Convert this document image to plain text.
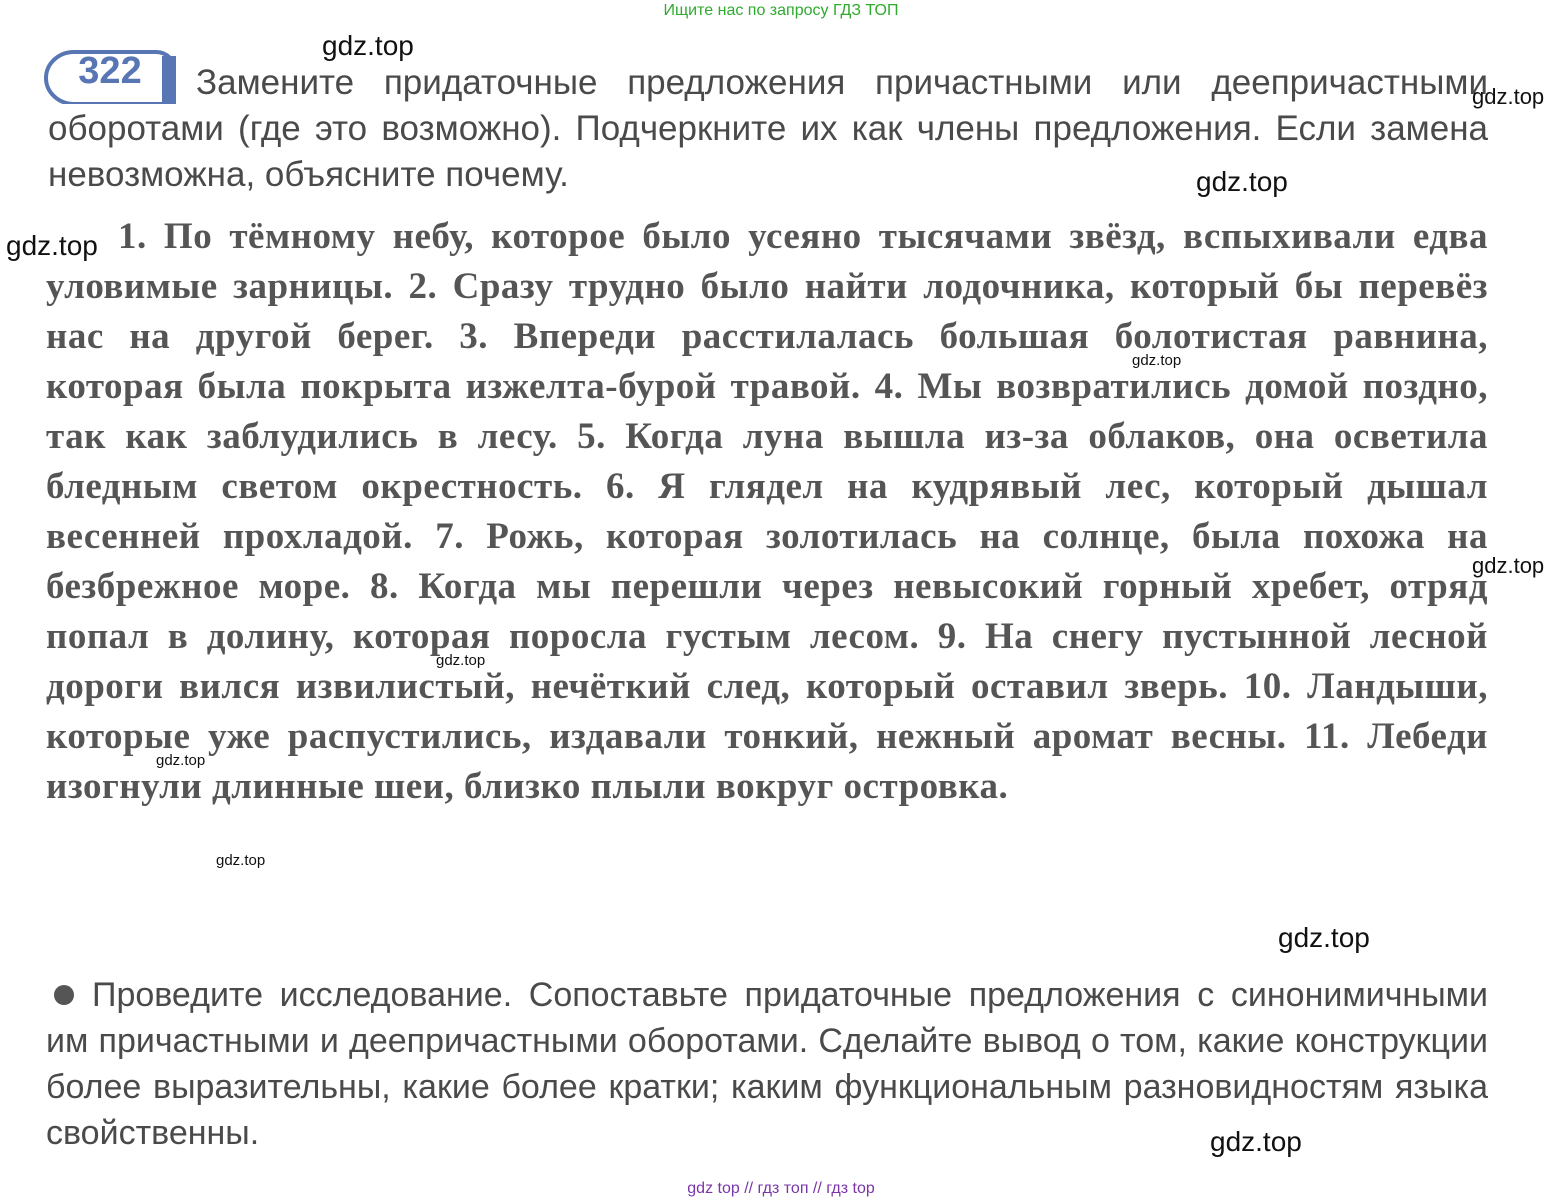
Ищите нас по запросу ГДЗ ТОП
322	Замените придаточные предложения причастными или деепричастными оборотами (где это возможно). Подчеркните их как члены предложения. Если замена невозможна, объясните почему.

1. По тёмному небу, которое было усеяно тысячами звёзд, вспыхивали едва уловимые зарницы. 2. Сразу трудно было найти лодочника, который бы перевёз нас на другой берег. 3. Впереди расстилалась большая болотистая равнина, которая была покрыта изжелта-бурой травой. 4. Мы возвратились домой поздно, так как заблудились в лесу. 5. Когда луна вышла из-за облаков, она осветила бледным светом окрестность. 6. Я глядел на кудрявый лес, который дышал весенней прохладой. 7. Рожь, которая золотилась на солнце, была похожа на безбрежное море. 8. Когда мы перешли через невысокий горный хребет, отряд попал в долину, которая поросла густым лесом. 9. На снегу пустынной лесной дороги вился извилистый, нечёткий след, который оставил зверь. 10. Ландыши, которые уже распустились, издавали тонкий, нежный аромат весны. 11. Лебеди изогнули длинные шеи, близко плыли вокруг островка.

Проведите исследование. Сопоставьте придаточные предложения с синонимичными им причастными и деепричастными оборотами. Сделайте вывод о том, какие конструкции более выразительны, какие более кратки; каким функциональным разновидностям языка свойственны.

gdz.top
gdz.top
gdz.top
gdz.top
gdz.top
gdz.top
gdz.top
gdz.top
gdz.top
gdz.top
gdz.top
gdz top // гдз топ // гдз top
